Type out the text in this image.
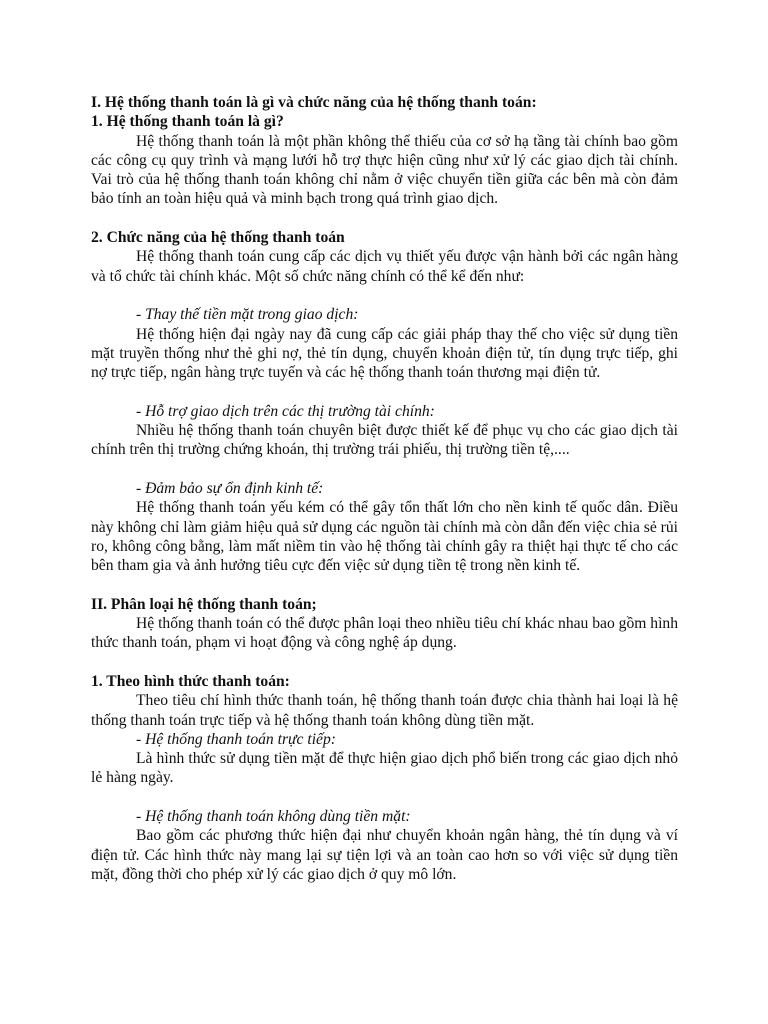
I. Hệ thống thanh toán là gì và chức năng của hệ thống thanh toán:

1. Hệ thống thanh toán là gì?

Hệ thống thanh toán là một phần không thể thiếu của cơ sở hạ tầng tài chính bao gồm các công cụ quy trình và mạng lưới hỗ trợ thực hiện cũng như xử lý các giao dịch tài chính. Vai trò của hệ thống thanh toán không chỉ nằm ở việc chuyển tiền giữa các bên mà còn đảm bảo tính an toàn hiệu quả và minh bạch trong quá trình giao dịch.

2. Chức năng của hệ thống thanh toán

Hệ thống thanh toán cung cấp các dịch vụ thiết yếu được vận hành bởi các ngân hàng và tổ chức tài chính khác. Một số chức năng chính có thể kể đến như:

- Thay thế tiền mặt trong giao dịch:

Hệ thống hiện đại ngày nay đã cung cấp các giải pháp thay thế cho việc sử dụng tiền mặt truyền thống như thẻ ghi nợ, thẻ tín dụng, chuyển khoản điện tử, tín dụng trực tiếp, ghi nợ trực tiếp, ngân hàng trực tuyến và các hệ thống thanh toán thương mại điện tử.

- Hỗ trợ giao dịch trên các thị trường tài chính:

Nhiều hệ thống thanh toán chuyên biệt được thiết kế để phục vụ cho các giao dịch tài chính trên thị trường chứng khoán, thị trường trái phiếu, thị trường tiền tệ,....

- Đảm bảo sự ổn định kinh tế:

Hệ thống thanh toán yếu kém có thể gây tổn thất lớn cho nền kinh tế quốc dân. Điều này không chỉ làm giảm hiệu quả sử dụng các nguồn tài chính mà còn dẫn đến việc chia sẻ rủi ro, không công bằng, làm mất niềm tin vào hệ thống tài chính gây ra thiệt hại thực tế cho các bên tham gia và ảnh hưởng tiêu cực đến việc sử dụng tiền tệ trong nền kinh tế.

II. Phân loại hệ thống thanh toán;

Hệ thống thanh toán có thể được phân loại theo nhiều tiêu chí khác nhau bao gồm hình thức thanh toán, phạm vi hoạt động và công nghệ áp dụng.

1. Theo hình thức thanh toán:

Theo tiêu chí hình thức thanh toán, hệ thống thanh toán được chia thành hai loại là hệ thống thanh toán trực tiếp và hệ thống thanh toán không dùng tiền mặt.

- Hệ thống thanh toán trực tiếp:

Là hình thức sử dụng tiền mặt để thực hiện giao dịch phổ biến trong các giao dịch nhỏ lẻ hàng ngày.

- Hệ thống thanh toán không dùng tiền mặt:

Bao gồm các phương thức hiện đại như chuyển khoản ngân hàng, thẻ tín dụng và ví điện tử. Các hình thức này mang lại sự tiện lợi và an toàn cao hơn so với việc sử dụng tiền mặt, đồng thời cho phép xử lý các giao dịch ở quy mô lớn.
